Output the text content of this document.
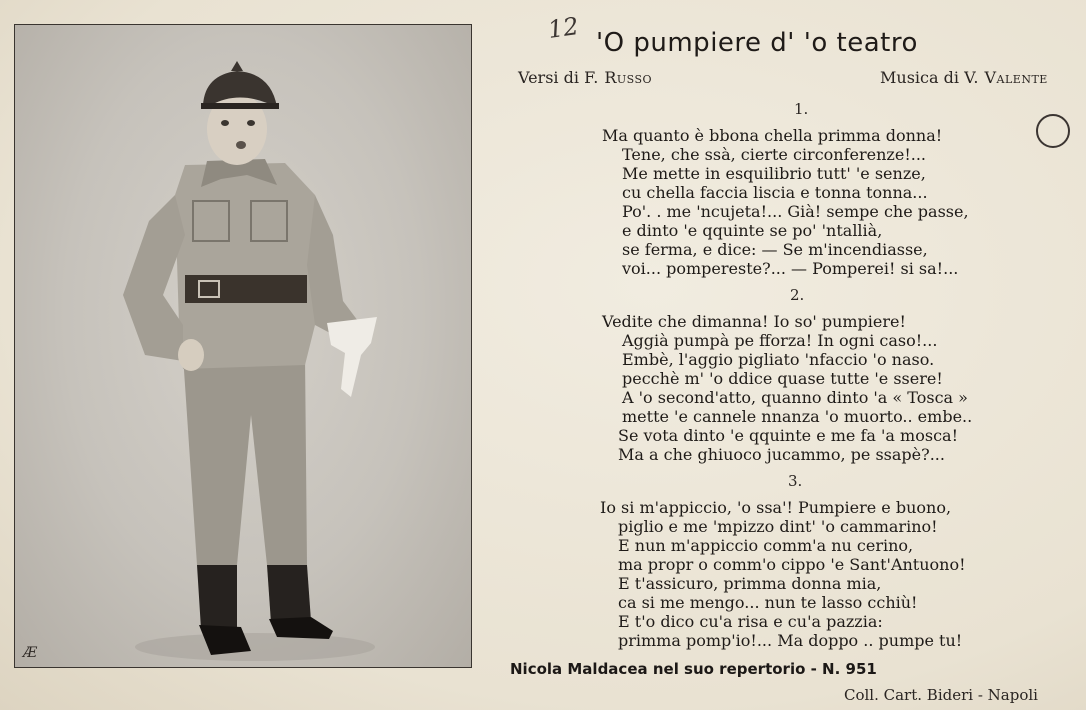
Æ
12 'O pumpiere d' 'o teatro
Versi di F. Russo	Musica di V. Valente
1.
Ma quanto è bbona chella primma donna!
Tene, che ssà, cierte circonferenze!...
Me mette in esquilibrio tutt' 'e senze,
cu chella faccia liscia e tonna tonna...
Po'. . me 'ncujeta!... Già! sempe che passe,
e dinto 'e qquinte se po' 'ntallià,
se ferma, e dice: — Se m'incendiasse,
voi... pompereste?... — Pomperei! si sa!...
2.
Vedite che dimanna! Io so' pumpiere!
Aggià pumpà pe fforza! In ogni caso!...
Embè, l'aggio pigliato 'nfaccio 'o naso.
pecchè m' 'o ddice quase tutte 'e ssere!
A 'o second'atto, quanno dinto 'a « Tosca »
mette 'e cannele nnanza 'o muorto.. embe..
Se vota dinto 'e qquinte e me fa 'a mosca!
Ma a che ghiuoco jucammo, pe ssapè?...
3.
Io si m'appiccio, 'o ssa'! Pumpiere e buono,
piglio e me 'mpizzo dint' 'o cammarino!
E nun m'appiccio comm'a nu cerino,
ma propr o comm'o cippo 'e Sant'Antuono!
E t'assicuro, primma donna mia,
ca si me mengo... nun te lasso cchiù!
E t'o dico cu'a risa e cu'a pazzia:
primma pomp'io!... Ma doppo .. pumpe tu!
Nicola Maldacea nel suo repertorio - N. 951
Coll. Cart. Bideri - Napoli
